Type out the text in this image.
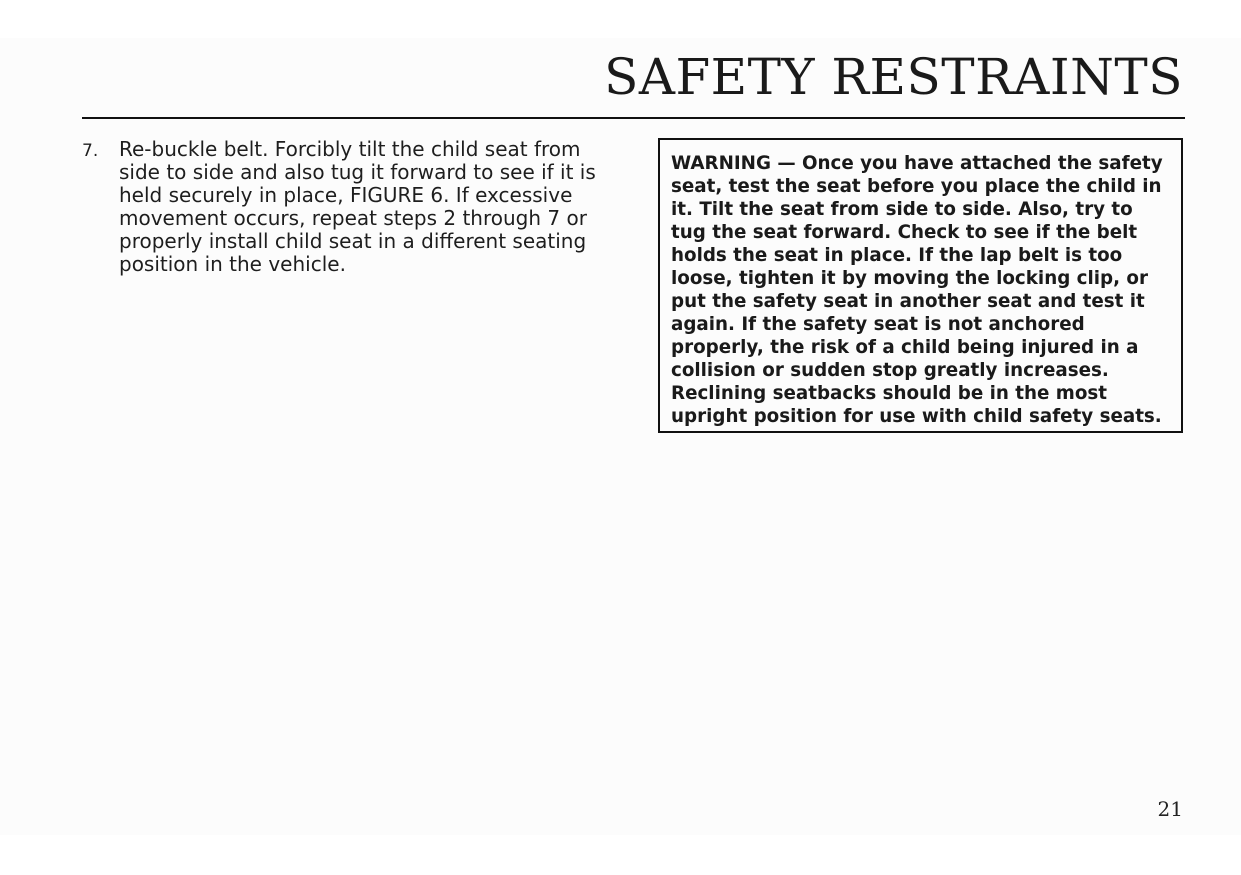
SAFETY RESTRAINTS
7. Re-buckle belt. Forcibly tilt the child seat from side to side and also tug it forward to see if it is held securely in place, FIGURE 6. If excessive movement occurs, repeat steps 2 through 7 or properly install child seat in a different seating position in the vehicle.
WARNING — Once you have attached the safety seat, test the seat before you place the child in it. Tilt the seat from side to side. Also, try to tug the seat forward. Check to see if the belt holds the seat in place. If the lap belt is too loose, tighten it by moving the locking clip, or put the safety seat in another seat and test it again. If the safety seat is not anchored properly, the risk of a child being injured in a collision or sudden stop greatly increases. Reclining seatbacks should be in the most upright position for use with child safety seats.
21
